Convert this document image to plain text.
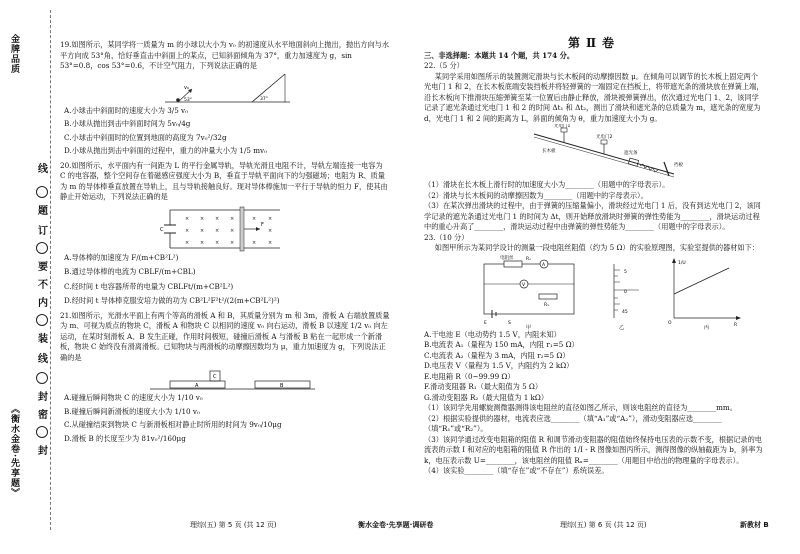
金牌品质
《衡水金卷·先享题》
线
题
订
要
不
内
装
线
封
密
封

19.如图所示，某同学将一质量为 m 的小球以大小为 v₀ 的初速度从水平地面斜向上抛出，抛出方向与水平方向成 53°角，恰好垂直击中斜面上的某点，已知斜面倾角为 37°，重力加速度为 g，sin 53°=0.8，cos 53°=0.6，不计空气阻力，下列说法正确的是

v₀
53°	37°

A.小球击中斜面时的速度大小为 3/5 v₀

B.小球从抛出到击中斜面时间为 5v₀/4g

C.小球击中斜面时的位置到地面的高度为 7v₀²/32g

D.小球从抛出到击中斜面的过程中，重力的冲量大小为 1/5 mv₀

20.如图所示，水平面内有一间距为 L 的平行金属导轨，导轨光滑且电阻不计，导轨左端连接一电容为 C 的电容器，整个空间存在着磁感应强度大小为 B，垂直于导轨平面向下的匀强磁场；电阻为 R、质量为 m 的导体棒垂直放置在导轨上，且与导轨接触良好。现对导体棒施加一平行于导轨的恒力 F，使其由静止开始运动，下列说法正确的是

C
F
× × × ×	× ×
× × × ×	×
× × × ×	× ×

A.导体棒的加速度为 F/(m+CB²L²)

B.通过导体棒的电流为 CBLF/(m+CBL)

C.经时间 t 电容器所带的电量为 CBLFt/(m+CB²L²)

D.经时间 t 导体棒克服安培力做的功为 CB²L²F²t²/(2(m+CB²L²)²)

21.如图所示，光滑水平面上有两个等高的滑板 A 和 B，其质量分别为 m 和 3m，滑板 A 右端放置质量为 m、可视为质点的物块 C，滑板 A 和物块 C 以相同的速度 v₀ 向右运动，滑板 B 以速度 1/2 v₀ 向左运动，在某时刻滑板 A、B 发生正碰，作用时间极短，碰撞后滑板 A 与滑板 B 粘在一起形成一个新滑板，物块 C 始终没有滑离滑板。已知物块与两滑板的动摩擦因数均为 μ，重力加速度为 g，下列说法正确的是

A	B
C

A.碰撞后瞬间物块 C 的速度大小为 1/10 v₀

B.碰撞后瞬间新滑板的速度大小为 1/10 v₀

C.从碰撞结束到物块 C 与新滑板相对静止时所用的时间为 9v₀/10μg

D.滑板 B 的长度至少为 81v₀²/160μg

第Ⅱ卷

三、非选择题：本题共 14 个题，共 174 分。

22.（5 分）

某同学采用如图所示的装置测定滑块与长木板间的动摩擦因数 μ。在倾角可以调节的长木板上固定两个光电门 1 和 2，在长木板底端安装挡板并将轻弹簧的一端固定在挡板上，将带遮光条的滑块放在弹簧上端，沿长木板向下推滑块压缩弹簧至某一位置后由静止释放，滑块被弹簧弹出，依次通过光电门 1、2，该同学记录了遮光条通过光电门 1 和 2 的时间 Δt₁ 和 Δt₂，测出了滑块和遮光条的总质量为 m，遮光条的宽度为 d，光电门 1 和 2 间的距离为 L，斜面的倾角为 θ，重力加速度大小为 g。

光电门1
光电门2
长木板	遮光条
挡板

（1）滑块在长木板上滑行时的加速度大小为________（用题中的字母表示）。

（2）滑块与长木板间的动摩擦因数为________（用题中的字母表示）。

（3）在某次弹出滑块的过程中，由于弹簧的压缩量偏小，滑块经过光电门 1 后，没有到达光电门 2，该同学记录的遮光条通过光电门 1 的时间为 Δt，则开始释放滑块时弹簧的弹性势能为________，滑块运动过程中的重心升高了________，滑块运动过程中由弹簧的弹性势能为________（用题中的字母表示）。

23.（10 分）

如图甲所示为某同学设计的测量一段电阻丝阻值（约为 5 Ω）的实验原理图，实验室提供的器材如下：

电阻丝	Rₓ
A
V
E	S
R₁
甲
5
0
45
乙
1/U
R
O
丙

A.干电池 E（电动势约 1.5 V，内阻未知）

B.电流表 A₁（量程为 150 mA，内阻 r₁=5 Ω）

C.电流表 A₂（量程为 3 mA，内阻 r₂=5 Ω）

D.电压表 V（量程为 1.5 V，内阻约为 2 kΩ）

E.电阻箱 R（0~99.99 Ω）

F.滑动变阻器 R₁（最大阻值为 5 Ω）

G.滑动变阻器 R₂（最大阻值为 1 kΩ）

（1）该同学先用螺旋测微器测得该电阻丝的直径如图乙所示，则该电阻丝的直径为________mm。

（2）根据实验提供的器材，电流表应选________（填“A₁”或“A₂”），滑动变阻器应选________（填“R₁”或“R₂”）。

（3）该同学通过改变电阻箱的阻值 R 和调节滑动变阻器的阻值始终保持电压表的示数不变，根据记录的电流表的示数 I 和对应的电阻箱的阻值 R 作出的 1/I - R 图像如图丙所示，测得图像的纵轴截距为 b，斜率为 k，电压表示数 U=________，该电阻丝的阻值 Rₓ=________（用题目中给出的物理量的字母表示）。

（4）该实验________（填“存在”或“不存在”）系统误差。

理综(五) 第 5 页 (共 12 页)	衡水金卷·先享题·调研卷	理综(五) 第 6 页 (共 12 页)	新教材 B
